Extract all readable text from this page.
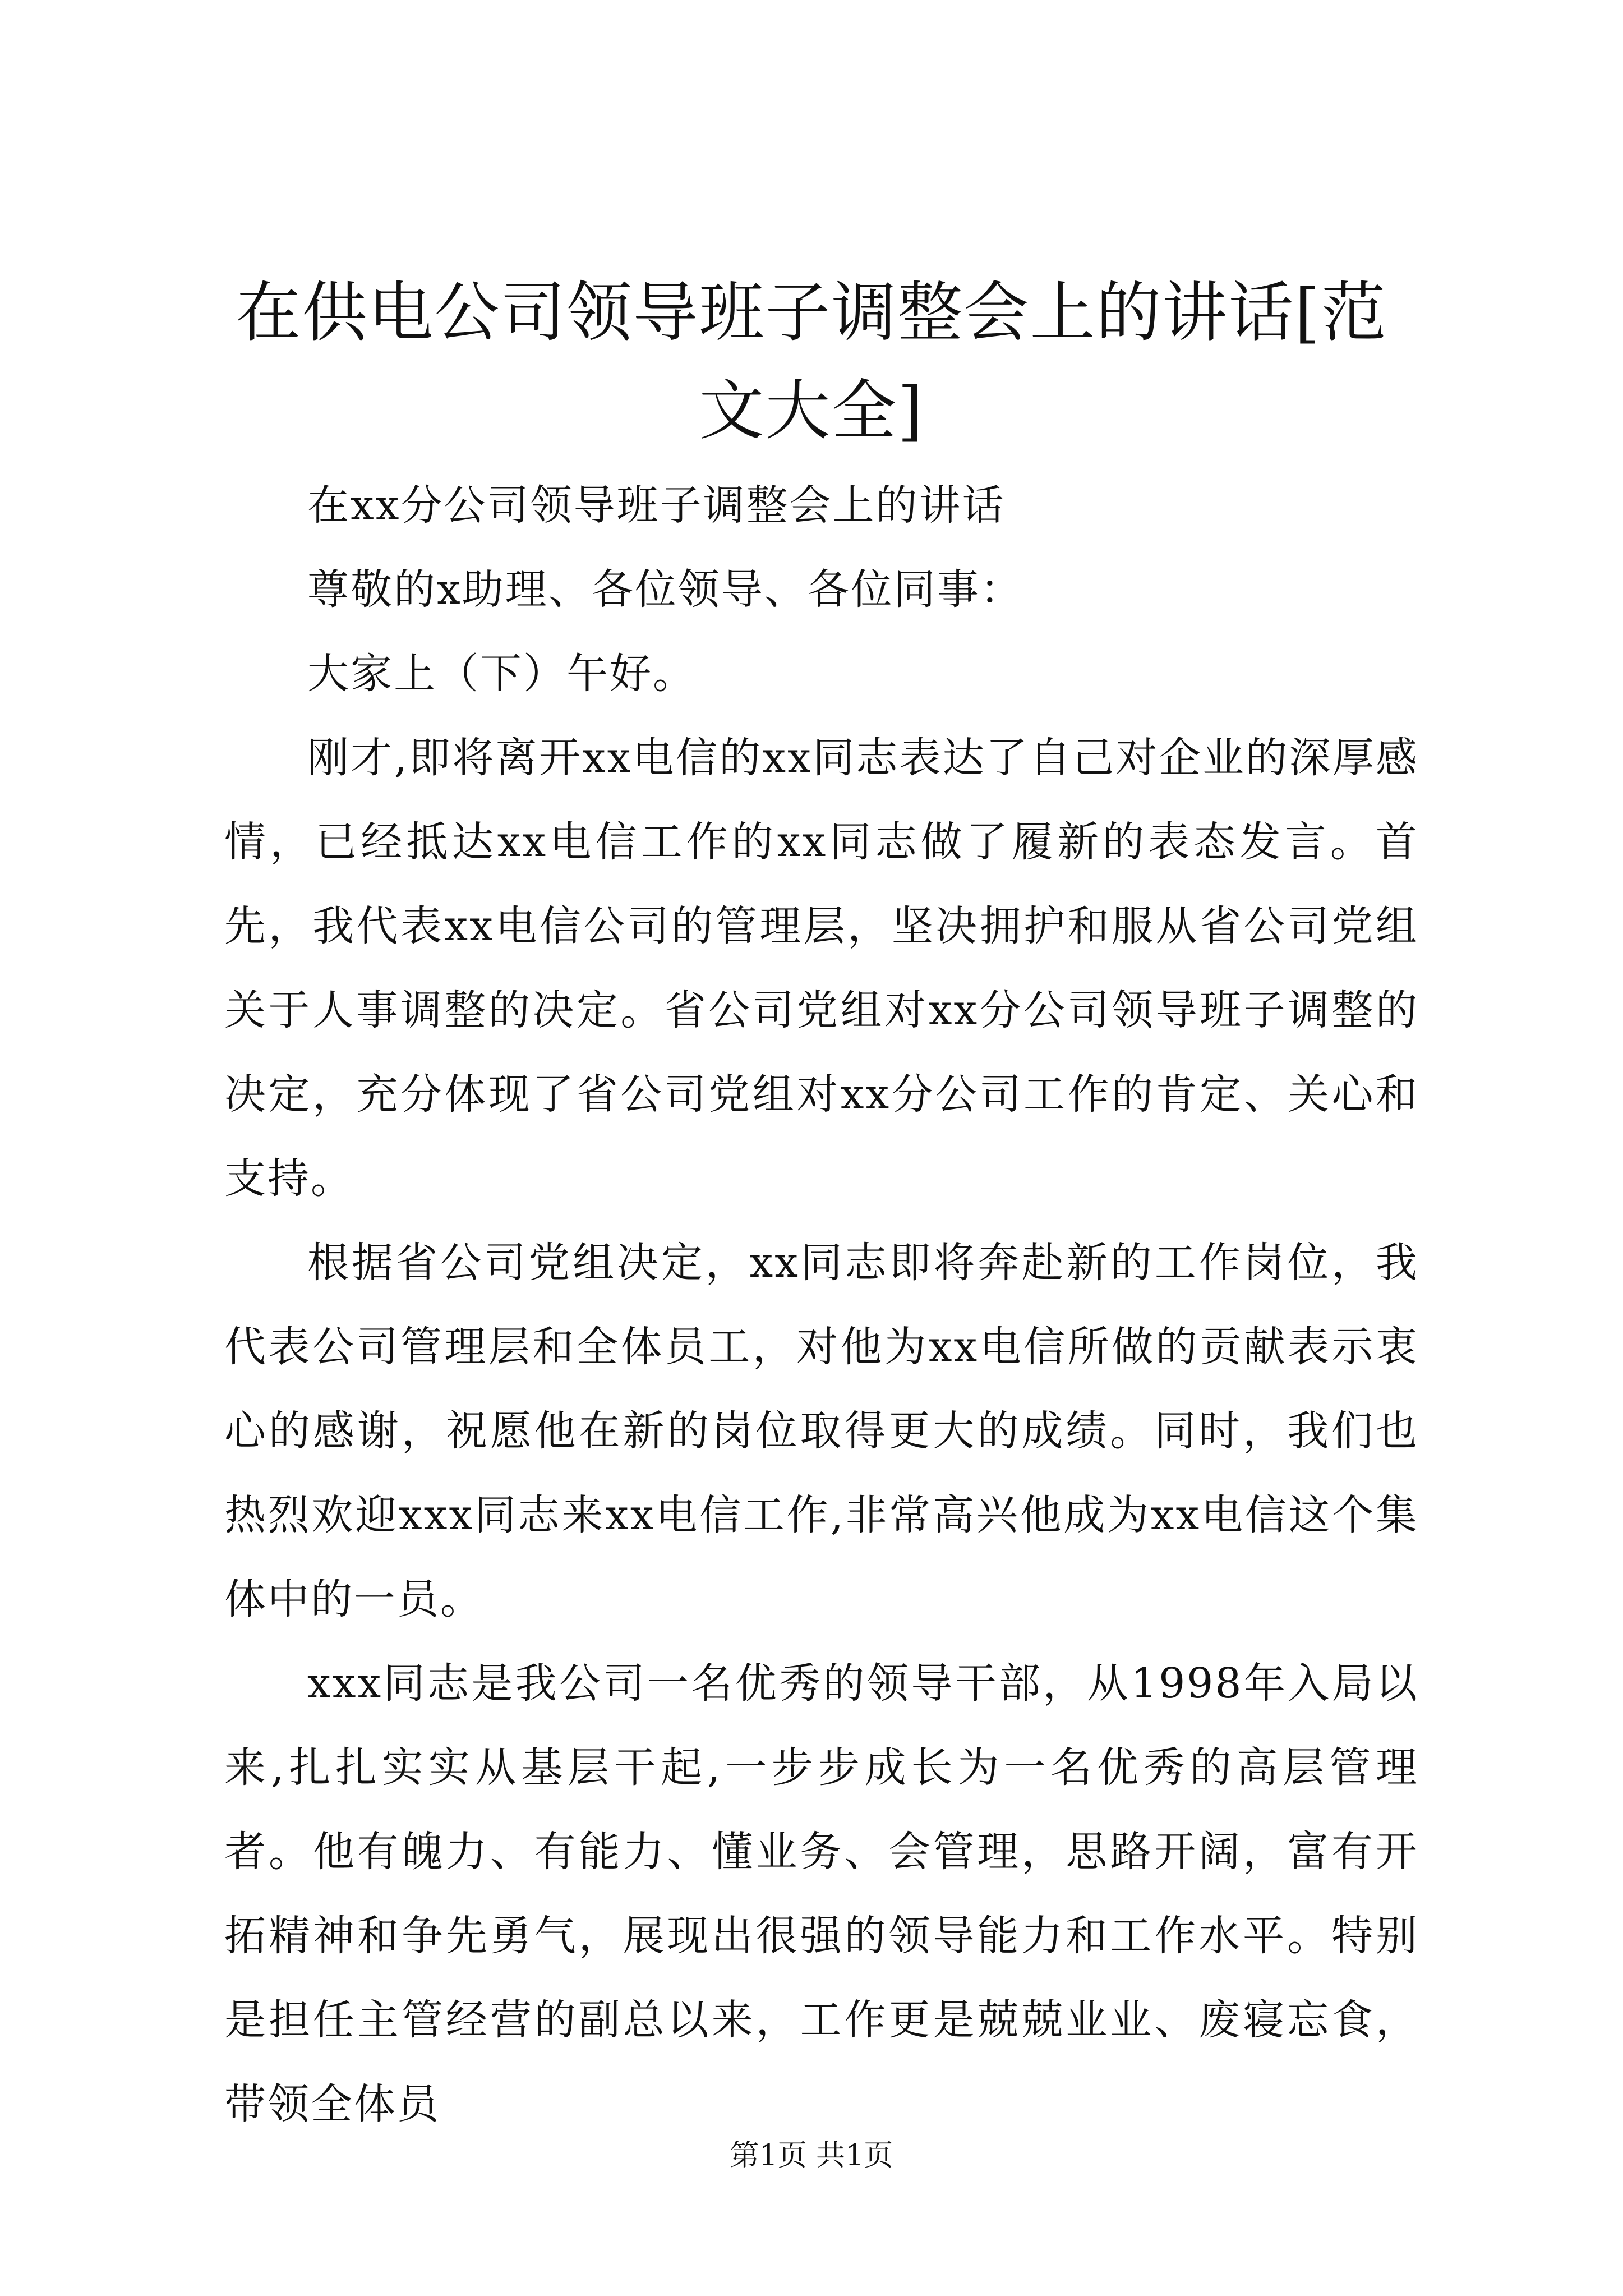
在供电公司领导班子调整会上的讲话[范文大全]

在xx分公司领导班子调整会上的讲话

尊敬的x助理、各位领导、各位同事：

大家上（下）午好。

刚才,即将离开xx电信的xx同志表达了自己对企业的深厚感情，已经抵达xx电信工作的xx同志做了履新的表态发言。首先，我代表xx电信公司的管理层，坚决拥护和服从省公司党组关于人事调整的决定。省公司党组对xx分公司领导班子调整的决定，充分体现了省公司党组对xx分公司工作的肯定、关心和支持。

根据省公司党组决定，xx同志即将奔赴新的工作岗位，我代表公司管理层和全体员工，对他为xx电信所做的贡献表示衷心的感谢，祝愿他在新的岗位取得更大的成绩。同时，我们也热烈欢迎xxx同志来xx电信工作,非常高兴他成为xx电信这个集体中的一员。

xxx同志是我公司一名优秀的领导干部，从1998年入局以来,扎扎实实从基层干起,一步步成长为一名优秀的高层管理者。他有魄力、有能力、懂业务、会管理，思路开阔，富有开拓精神和争先勇气，展现出很强的领导能力和工作水平。特别是担任主管经营的副总以来，工作更是兢兢业业、废寝忘食，带领全体员

第1页 共1页
